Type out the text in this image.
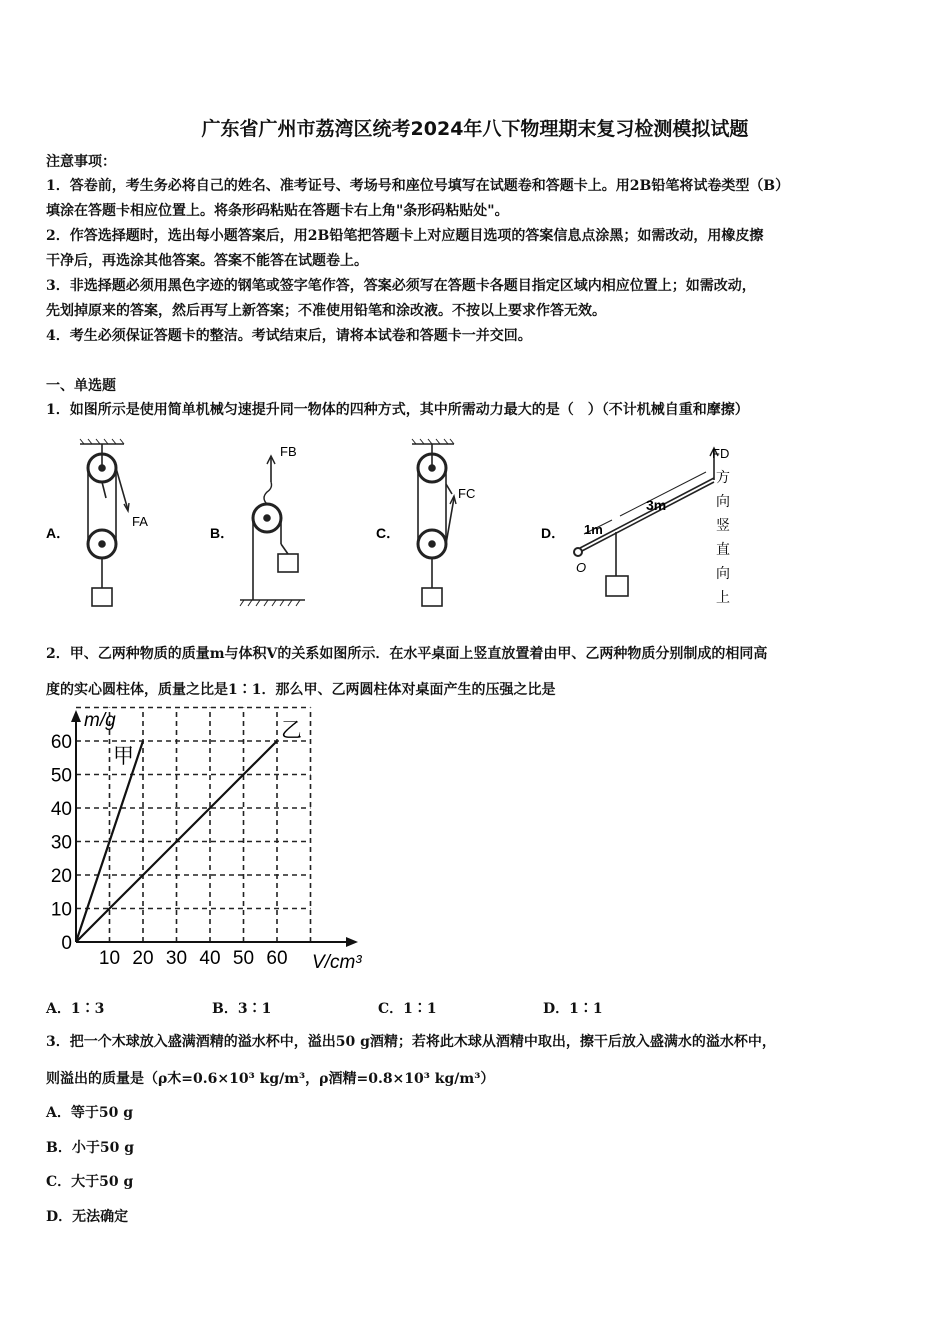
广东省广州市荔湾区统考2024年八下物理期末复习检测模拟试题
注意事项：
1．答卷前，考生务必将自己的姓名、准考证号、考场号和座位号填写在试题卷和答题卡上。用2B铅笔将试卷类型（B）
填涂在答题卡相应位置上。将条形码粘贴在答题卡右上角"条形码粘贴处"。
2．作答选择题时，选出每小题答案后，用2B铅笔把答题卡上对应题目选项的答案信息点涂黑；如需改动，用橡皮擦
干净后，再选涂其他答案。答案不能答在试题卷上。
3．非选择题必须用黑色字迹的钢笔或签字笔作答，答案必须写在答题卡各题目指定区域内相应位置上；如需改动，
先划掉原来的答案，然后再写上新答案；不准使用铅笔和涂改液。不按以上要求作答无效。
4．考生必须保证答题卡的整洁。考试结束后，请将本试卷和答题卡一并交回。
一、单选题
1．如图所示是使用简单机械匀速提升同一物体的四种方式，其中所需动力最大的是（　）（不计机械自重和摩擦）
A．	B．	C．	D．
FA
FB
FC
1m
3m
O
FD
方
向
竖
直
向
上
2．甲、乙两种物质的质量m与体积V的关系如图所示．在水平桌面上竖直放置着由甲、乙两种物质分别制成的相同高
度的实心圆柱体，质量之比是1∶1．那么甲、乙两圆柱体对桌面产生的压强之比是
10 20 30 40 50 60
0
10
20
30
40
50
60
甲
乙
m/g
V/cm³
A．1∶3	B．3∶1	C．1∶1	D．1∶1
3．把一个木球放入盛满酒精的溢水杯中，溢出50 g酒精；若将此木球从酒精中取出，擦干后放入盛满水的溢水杯中，
则溢出的质量是（ρ木=0.6×10³ kg/m³，ρ酒精=0.8×10³ kg/m³）
A．等于50 g
B．小于50 g
C．大于50 g
D．无法确定
